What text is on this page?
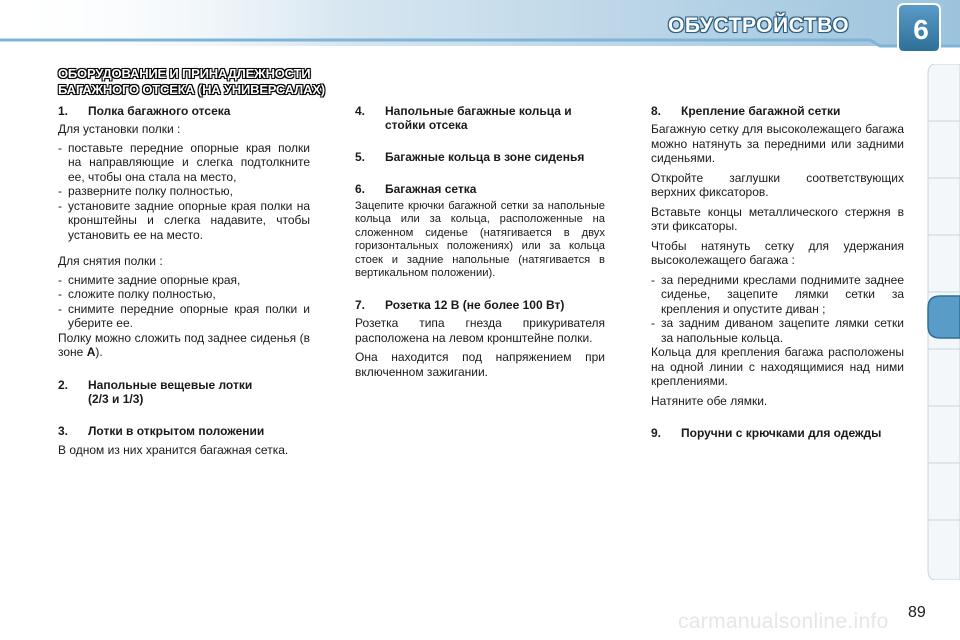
ОБУСТРОЙСТВО 6
ОБОРУДОВАНИЕ И ПРИНАДЛЕЖНОСТИ
БАГАЖНОГО ОТСЕКА (НА УНИВЕРСАЛАХ)
1.	Полка багажного отсека
Для установки полки :
- поставьте передние опорные края полки на направляющие и слегка подтолкните ее, чтобы она стала на место,
- разверните полку полностью,
- установите задние опорные края полки на кронштейны и слегка надавите, чтобы установить ее на место.
Для снятия полки :
- снимите задние опорные края,
- сложите полку полностью,
- снимите передние опорные края полки и уберите ее.
Полку можно сложить под заднее сиденья (в зоне A).
2.	Напольные вещевые лотки
(2/3 и 1/3)
3.	Лотки в открытом положении
В одном из них хранится багажная сетка.
4.	Напольные багажные кольца и стойки отсека
5.	Багажные кольца в зоне сиденья
6.	Багажная сетка
Зацепите крючки багажной сетки за напольные кольца или за кольца, расположенные на сложенном сиденье (натягивается в двух горизонтальных положениях) или за кольца стоек и задние напольные (натягивается в вертикальном положении).
7.	Розетка 12 В (не более 100 Вт)
Розетка типа гнезда прикуривателя расположена на левом кронштейне полки.
Она находится под напряжением при включенном зажигании.
8.	Крепление багажной сетки
Багажную сетку для высоколежащего багажа можно натянуть за передними или задними сиденьями.
Откройте заглушки соответствующих верхних фиксаторов.
Вставьте концы металлического стержня в эти фиксаторы.
Чтобы натянуть сетку для удержания высоколежащего багажа :
- за передними креслами поднимите заднее сиденье, зацепите лямки сетки за крепления и опустите диван ;
- за задним диваном зацепите лямки сетки за напольные кольца.
Кольца для крепления багажа расположены на одной линии с находящимися над ними креплениями.
Натяните обе лямки.
9.	Поручни с крючками для одежды
89
carmanualsonline.info
